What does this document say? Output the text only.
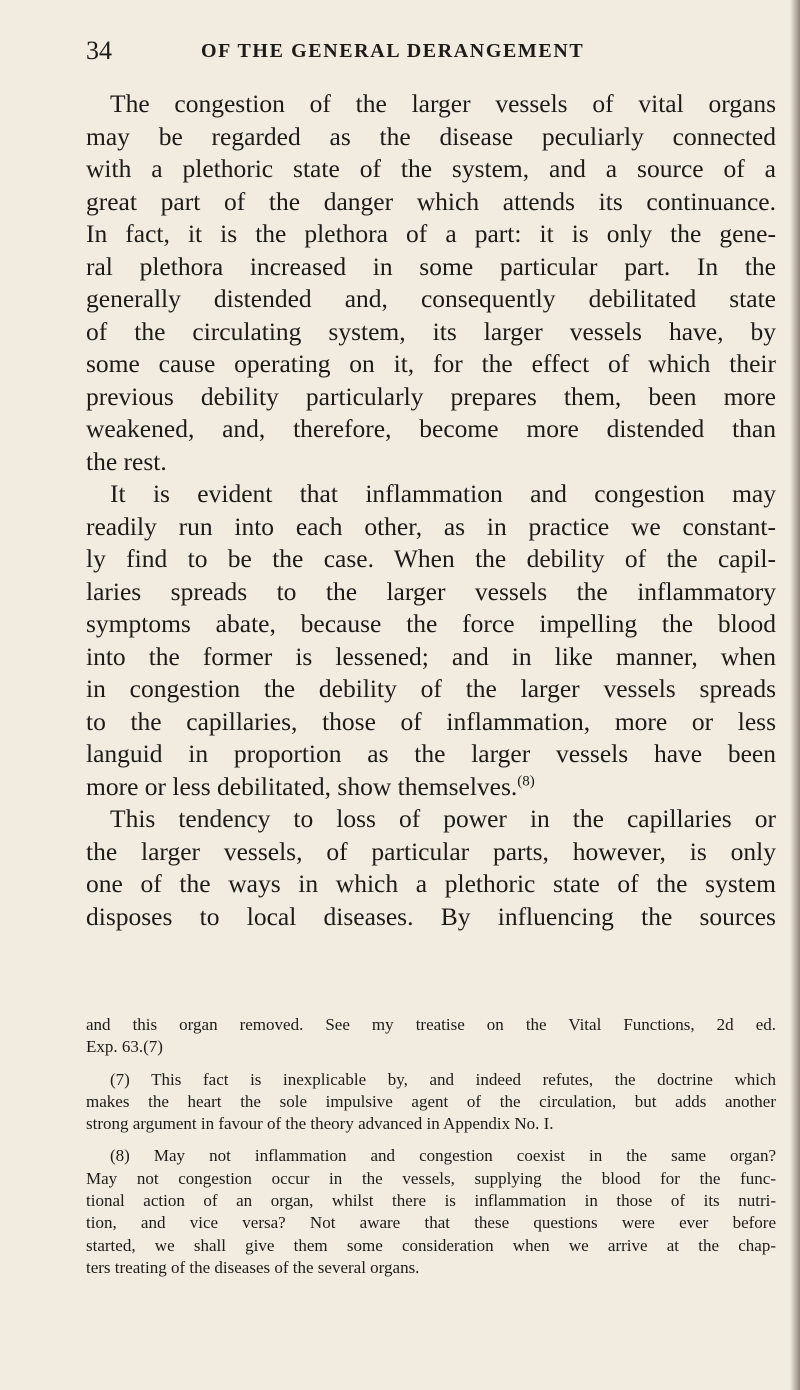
34	OF THE GENERAL DERANGEMENT
The congestion of the larger vessels of vital organs
may be regarded as the disease peculiarly connected
with a plethoric state of the system, and a source of a
great part of the danger which attends its continuance.
In fact, it is the plethora of a part: it is only the gene-
ral plethora increased in some particular part. In the
generally distended and, consequently debilitated state
of the circulating system, its larger vessels have, by
some cause operating on it, for the effect of which their
previous debility particularly prepares them, been more
weakened, and, therefore, become more distended than
the rest.
It is evident that inflammation and congestion may
readily run into each other, as in practice we constant-
ly find to be the case. When the debility of the capil-
laries spreads to the larger vessels the inflammatory
symptoms abate, because the force impelling the blood
into the former is lessened; and in like manner, when
in congestion the debility of the larger vessels spreads
to the capillaries, those of inflammation, more or less
languid in proportion as the larger vessels have been
more or less debilitated, show themselves.$^{(8)}$
This tendency to loss of power in the capillaries or
the larger vessels, of particular parts, however, is only
one of the ways in which a plethoric state of the system
disposes to local diseases. By influencing the sources
and this organ removed. See my treatise on the Vital Functions, 2d ed.
Exp. 63.(7)
(7) This fact is inexplicable by, and indeed refutes, the doctrine which
makes the heart the sole impulsive agent of the circulation, but adds another
strong argument in favour of the theory advanced in Appendix No. I.
(8) May not inflammation and congestion coexist in the same organ?
May not congestion occur in the vessels, supplying the blood for the func-
tional action of an organ, whilst there is inflammation in those of its nutri-
tion, and vice versa? Not aware that these questions were ever before
started, we shall give them some consideration when we arrive at the chap-
ters treating of the diseases of the several organs.
